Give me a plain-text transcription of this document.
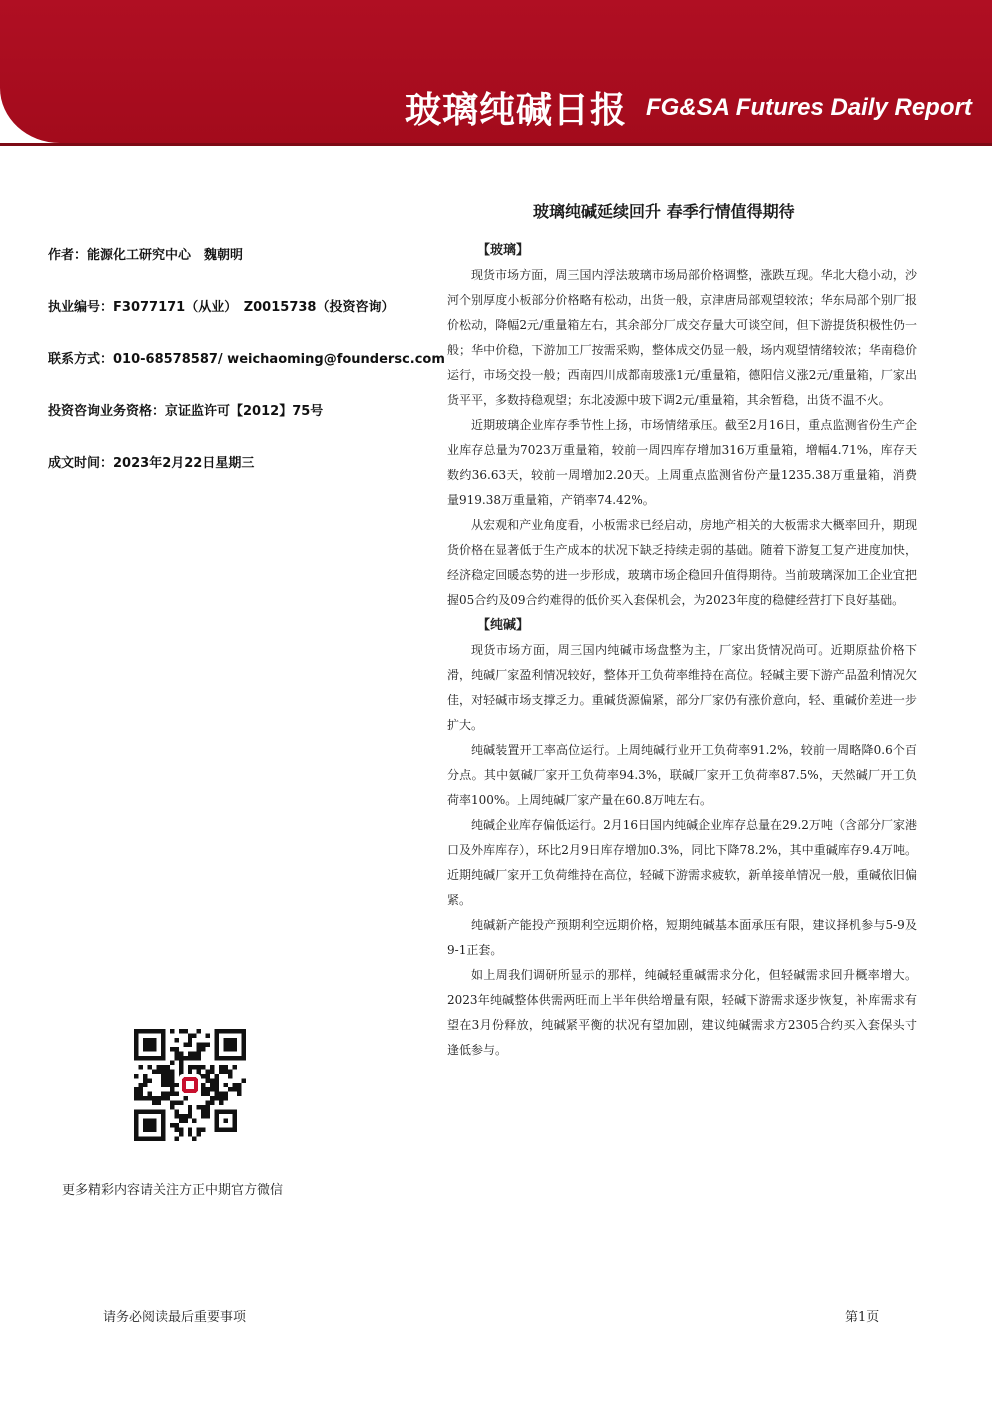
玻璃纯碱日报 FG&SA Futures Daily Report
玻璃纯碱延续回升 春季行情值得期待
作者：能源化工研究中心　魏朝明
执业编号：F3077171（从业）　Z0015738（投资咨询）
联系方式：010-68578587/ weichaoming@foundersc.com
投资咨询业务资格：京证监许可【2012】75号
成文时间：2023年2月22日星期三
【玻璃】

现货市场方面，周三国内浮法玻璃市场局部价格调整，涨跌互现。华北大稳小动，沙河个别厚度小板部分价格略有松动，出货一般，京津唐局部观望较浓；华东局部个别厂报价松动，降幅2元/重量箱左右，其余部分厂成交存量大可谈空间，但下游提货积极性仍一般；华中价稳，下游加工厂按需采购，整体成交仍显一般，场内观望情绪较浓；华南稳价运行，市场交投一般；西南四川成都南玻涨1元/重量箱，德阳信义涨2元/重量箱，厂家出货平平，多数持稳观望；东北凌源中玻下调2元/重量箱，其余暂稳，出货不温不火。

近期玻璃企业库存季节性上扬，市场情绪承压。截至2月16日，重点监测省份生产企业库存总量为7023万重量箱，较前一周四库存增加316万重量箱，增幅4.71%，库存天数约36.63天，较前一周增加2.20天。上周重点监测省份产量1235.38万重量箱，消费量919.38万重量箱，产销率74.42%。

从宏观和产业角度看，小板需求已经启动，房地产相关的大板需求大概率回升，期现货价格在显著低于生产成本的状况下缺乏持续走弱的基础。随着下游复工复产进度加快，经济稳定回暖态势的进一步形成，玻璃市场企稳回升值得期待。当前玻璃深加工企业宜把握05合约及09合约难得的低价买入套保机会，为2023年度的稳健经营打下良好基础。

【纯碱】

现货市场方面，周三国内纯碱市场盘整为主，厂家出货情况尚可。近期原盐价格下滑，纯碱厂家盈利情况较好，整体开工负荷率维持在高位。轻碱主要下游产品盈利情况欠佳，对轻碱市场支撑乏力。重碱货源偏紧，部分厂家仍有涨价意向，轻、重碱价差进一步扩大。

纯碱装置开工率高位运行。上周纯碱行业开工负荷率91.2%，较前一周略降0.6个百分点。其中氨碱厂家开工负荷率94.3%，联碱厂家开工负荷率87.5%，天然碱厂开工负荷率100%。上周纯碱厂家产量在60.8万吨左右。

纯碱企业库存偏低运行。2月16日国内纯碱企业库存总量在29.2万吨（含部分厂家港口及外库库存），环比2月9日库存增加0.3%，同比下降78.2%，其中重碱库存9.4万吨。近期纯碱厂家开工负荷维持在高位，轻碱下游需求疲软，新单接单情况一般，重碱依旧偏紧。

纯碱新产能投产预期利空远期价格，短期纯碱基本面承压有限，建议择机参与5-9及9-1正套。

如上周我们调研所显示的那样，纯碱轻重碱需求分化，但轻碱需求回升概率增大。2023年纯碱整体供需两旺而上半年供给增量有限，轻碱下游需求逐步恢复，补库需求有望在3月份释放，纯碱紧平衡的状况有望加剧，建议纯碱需求方2305合约买入套保头寸逢低参与。

更多精彩内容请关注方正中期官方微信
请务必阅读最后重要事项	第1页
